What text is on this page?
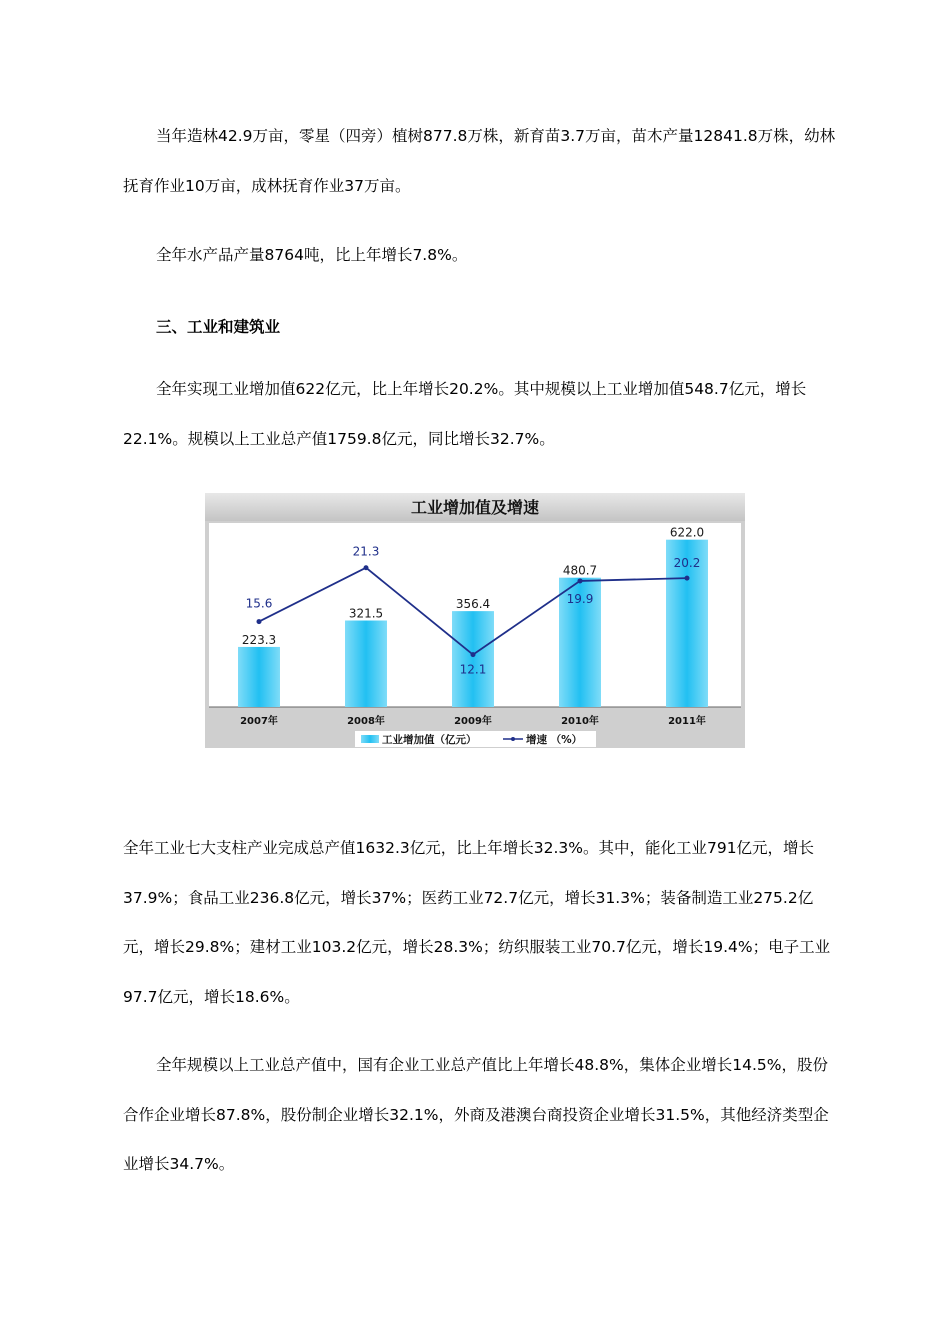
当年造林42.9万亩，零星（四旁）植树877.8万株，新育苗3.7万亩，苗木产量12841.8万株，幼林抚育作业10万亩，成林抚育作业37万亩。

全年水产品产量8764吨，比上年增长7.8%。

三、工业和建筑业

全年实现工业增加值622亿元，比上年增长20.2%。其中规模以上工业增加值548.7亿元，增长22.1%。规模以上工业总产值1759.8亿元，同比增长32.7%。

工业增加值及增速
223.3
321.5
356.4
480.7
622.0
15.6
21.3
12.1
19.9
20.2
2007年	2008年	2009年	2010年	2011年
工业增加值（亿元）	增速 （%）

全年工业七大支柱产业完成总产值1632.3亿元，比上年增长32.3%。其中，能化工业791亿元，增长37.9%；食品工业236.8亿元，增长37%；医药工业72.7亿元，增长31.3%；装备制造工业275.2亿元，增长29.8%；建材工业103.2亿元，增长28.3%；纺织服装工业70.7亿元，增长19.4%；电子工业97.7亿元，增长18.6%。

全年规模以上工业总产值中，国有企业工业总产值比上年增长48.8%，集体企业增长14.5%，股份合作企业增长87.8%，股份制企业增长32.1%，外商及港澳台商投资企业增长31.5%，其他经济类型企业增长34.7%。
